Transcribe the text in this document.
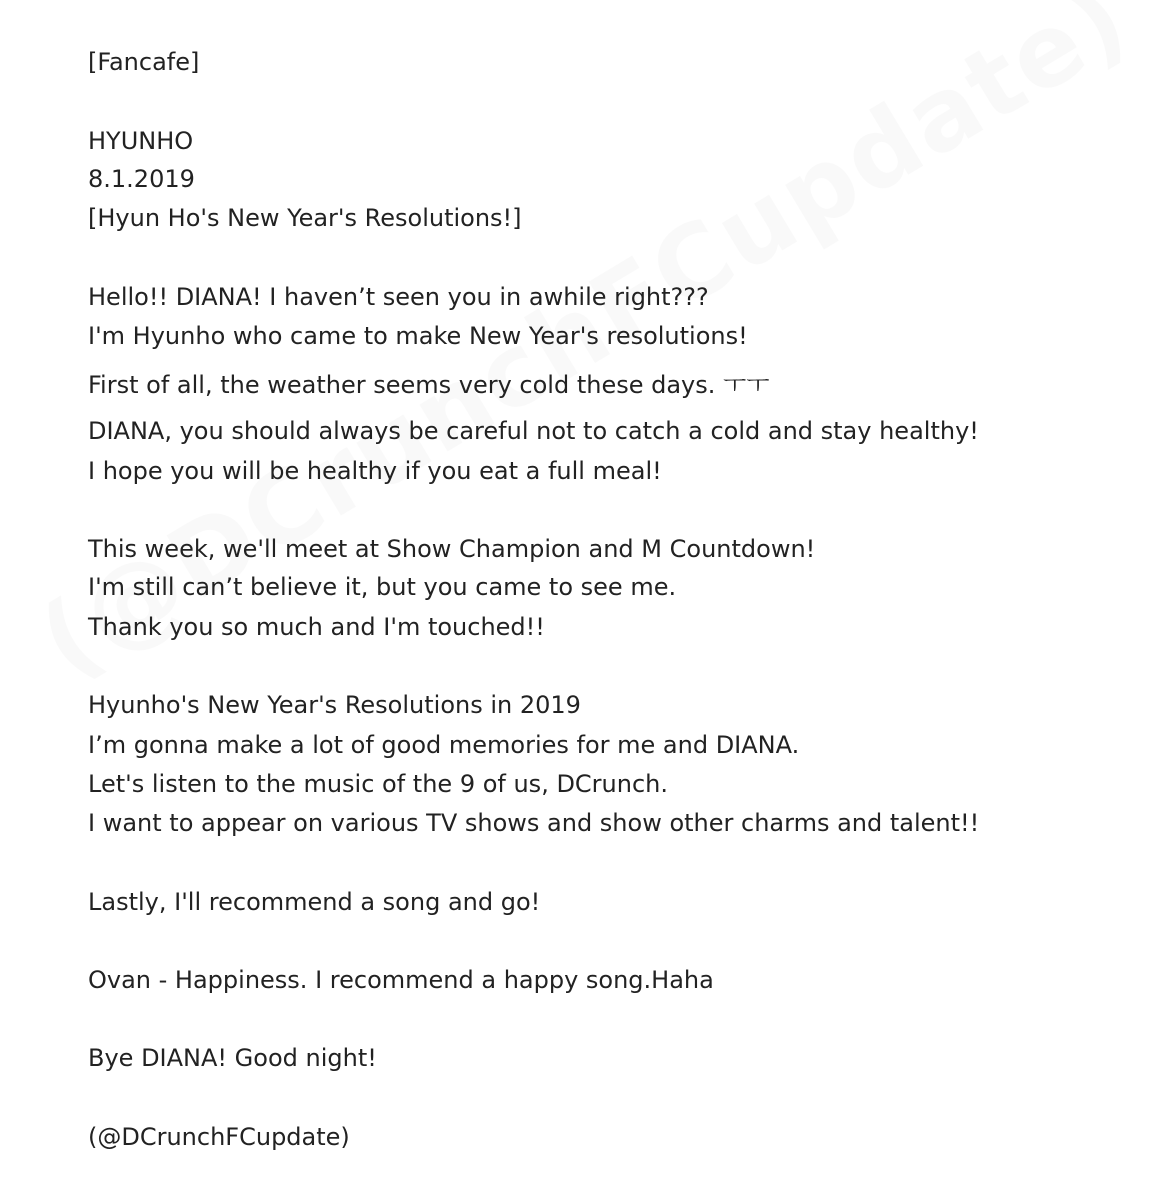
[Fancafe]
HYUNHO
8.1.2019
[Hyun Ho's New Year's Resolutions!]
Hello!! DIANA! I haven’t seen you in awhile right???
I'm Hyunho who came to make New Year's resolutions!
First of all, the weather seems very cold these days. ㅜㅜ
DIANA, you should always be careful not to catch a cold and stay healthy!
I hope you will be healthy if you eat a full meal!
This week, we'll meet at Show Champion and M Countdown!
I'm still can’t believe it, but you came to see me.
Thank you so much and I'm touched!!
Hyunho's New Year's Resolutions in 2019
I’m gonna make a lot of good memories for me and DIANA.
Let's listen to the music of the 9 of us, DCrunch.
I want to appear on various TV shows and show other charms and talent!!
Lastly, I'll recommend a song and go!
Ovan - Happiness. I recommend a happy song.Haha
Bye DIANA! Good night!
(@DCrunchFCupdate)
